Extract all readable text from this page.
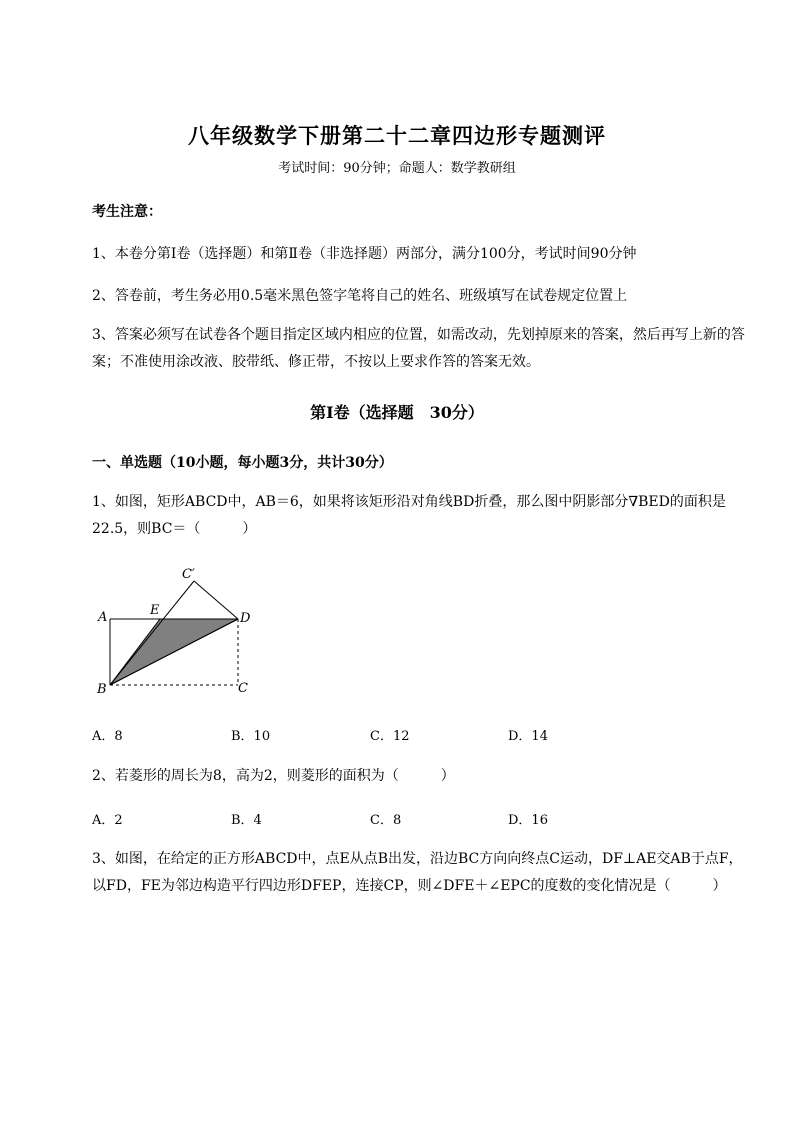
八年级数学下册第二十二章四边形专题测评
考试时间：90分钟；命题人：数学教研组
考生注意：
1、本卷分第I卷（选择题）和第Ⅱ卷（非选择题）两部分，满分100分，考试时间90分钟
2、答卷前，考生务必用0.5毫米黑色签字笔将自己的姓名、班级填写在试卷规定位置上
3、答案必须写在试卷各个题目指定区域内相应的位置，如需改动，先划掉原来的答案，然后再写上新的答案；不准使用涂改液、胶带纸、修正带，不按以上要求作答的答案无效。
第I卷（选择题　30分）
一、单选题（10小题，每小题3分，共计30分）
1、如图，矩形ABCD中，AB＝6，如果将该矩形沿对角线BD折叠，那么图中阴影部分∇BED的面积是22.5，则BC＝（　　　）
A	E
D
C′
B	C
A．8	B．10	C．12	D．14
2、若菱形的周长为8，高为2，则菱形的面积为（　　　）
A．2	B．4	C．8	D．16
3、如图，在给定的正方形ABCD中，点E从点B出发，沿边BC方向向终点C运动，DF⊥AE交AB于点F，以FD，FE为邻边构造平行四边形DFEP，连接CP，则∠DFE＋∠EPC的度数的变化情况是（　　　）
